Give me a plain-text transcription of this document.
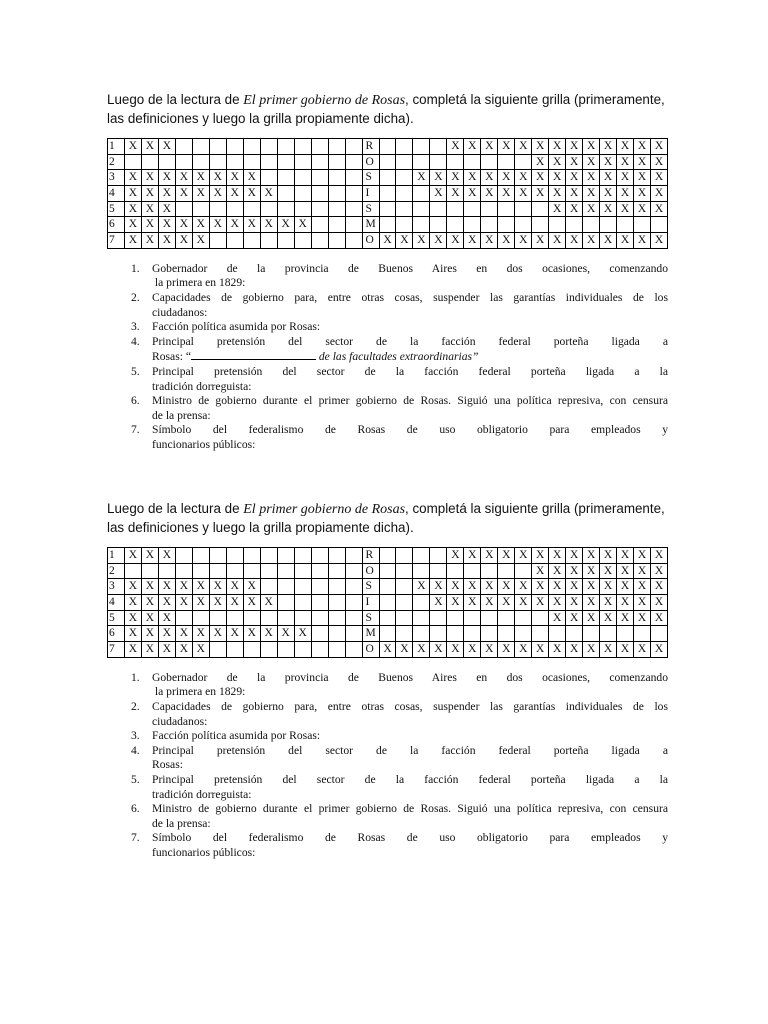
Luego de la lectura de El primer gobierno de Rosas, completá la siguiente grilla (primeramente, las definiciones y luego la grilla propiamente dicha).

1	X	X	X												R					X	X	X	X	X	X	X	X	X	X	X	X	X
2															O										X	X	X	X	X	X	X	X
3	X	X	X	X	X	X	X	X							S			X	X	X	X	X	X	X	X	X	X	X	X	X	X	X
4	X	X	X	X	X	X	X	X	X						I				X	X	X	X	X	X	X	X	X	X	X	X	X	X
5	X	X	X												S											X	X	X	X	X	X	X
6	X	X	X	X	X	X	X	X	X	X	X				M																	
7	X	X	X	X	X										O	X	X	X	X	X	X	X	X	X	X	X	X	X	X	X	X	X
1. Gobernador de la provincia de Buenos Aires en dos ocasiones, comenzando
la primera en 1829:
2. Capacidades de gobierno para, entre otras cosas, suspender las garantías individuales de los
ciudadanos:
3. Facción política asumida por Rosas:
4. Principal pretensión del sector de la facción federal porteña ligada a
Rosas: “	de las facultades extraordinarias”
5. Principal pretensión del sector de la facción federal porteña ligada a la
tradición dorreguista:
6. Ministro de gobierno durante el primer gobierno de Rosas. Siguió una política represiva, con censura
de la prensa:
7. Símbolo del federalismo de Rosas de uso obligatorio para empleados y
funcionarios públicos:

Luego de la lectura de El primer gobierno de Rosas, completá la siguiente grilla (primeramente, las definiciones y luego la grilla propiamente dicha).

1	X	X	X												R					X	X	X	X	X	X	X	X	X	X	X	X	X
2															O										X	X	X	X	X	X	X	X
3	X	X	X	X	X	X	X	X							S			X	X	X	X	X	X	X	X	X	X	X	X	X	X	X
4	X	X	X	X	X	X	X	X	X						I				X	X	X	X	X	X	X	X	X	X	X	X	X	X
5	X	X	X												S											X	X	X	X	X	X	X
6	X	X	X	X	X	X	X	X	X	X	X				M																	
7	X	X	X	X	X										O	X	X	X	X	X	X	X	X	X	X	X	X	X	X	X	X	X
1. Gobernador de la provincia de Buenos Aires en dos ocasiones, comenzando
la primera en 1829:
2. Capacidades de gobierno para, entre otras cosas, suspender las garantías individuales de los
ciudadanos:
3. Facción política asumida por Rosas:
4. Principal pretensión del sector de la facción federal porteña ligada a
Rosas:
5. Principal pretensión del sector de la facción federal porteña ligada a la
tradición dorreguista:
6. Ministro de gobierno durante el primer gobierno de Rosas. Siguió una política represiva, con censura
de la prensa:
7. Símbolo del federalismo de Rosas de uso obligatorio para empleados y
funcionarios públicos:
